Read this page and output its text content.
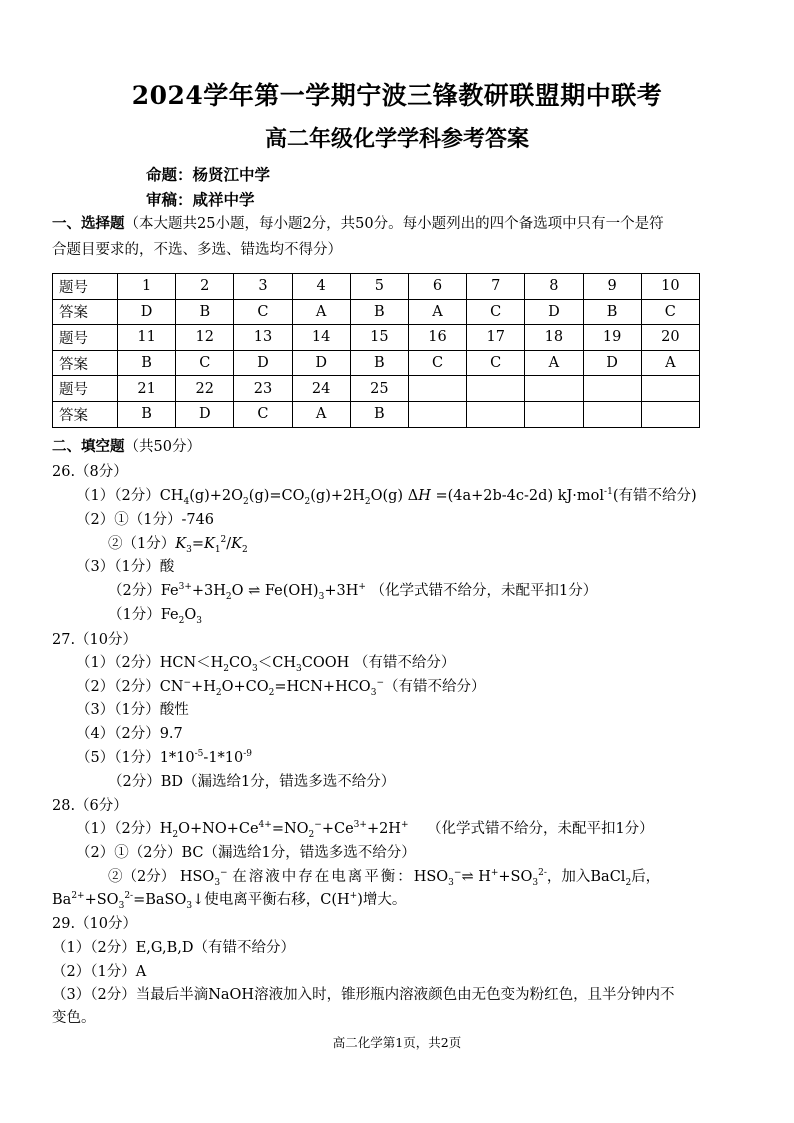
2024学年第一学期宁波三锋教研联盟期中联考
高二年级化学学科参考答案
命题：杨贤江中学
审稿：咸祥中学
一、选择题（本大题共25小题，每小题2分，共50分。每小题列出的四个备选项中只有一个是符
合题目要求的，不选、多选、错选均不得分）
题号	1	2	3	4	5	6	7	8	9	10
答案	D	B	C	A	B	A	C	D	B	C
题号	11	12	13	14	15	16	17	18	19	20
答案	B	C	D	D	B	C	C	A	D	A
题号	21	22	23	24	25					
答案	B	D	C	A	B					
二、填空题（共50分）
26.（8分）
（1）（2分）$CH_4(g)+2O_2(g)=CO_2(g)+2H_2O(g)$ ΔH =(4a+2b-4c-2d) kJ·mol$^{-1}$(有错不给分)
（2）①（1分）-746
②（1分）$K_3=K_1^2/K_2$
（3）（1分）酸
（2分）$Fe^{3+}+3H_2O$ ⇌ $Fe(OH)_3+3H^+$ （化学式错不给分，未配平扣1分）
（1分）$Fe_2O_3$
27.（10分）
（1）（2分）$HCN<H_2CO_3<CH_3COOH$ （有错不给分）
（2）（2分）$CN^-+H_2O+CO_2=HCN+HCO_3^-$（有错不给分）
（3）（1分）酸性
（4）（2分）9.7
（5）（1分）$1*10^{-5}-1*10^{-9}$
（2分）BD（漏选给1分，错选多选不给分）
28.（6分）
（1）（2分）$H_2O+NO+Ce^{4+}=NO_2^-+Ce^{3+}+2H^+$ （化学式错不给分，未配平扣1分）
（2）①（2分）BC（漏选给1分，错选多选不给分）
②（2分） $HSO_3^-$ 在溶液中存在电离平衡：$HSO_3^-\rightleftharpoons$ $H^++SO_3^{2-}$，加入BaCl$_2$后，
$Ba^{2+}+SO_3^{2-}=BaSO_3↓$使电离平衡右移，C(H+)增大。
29.（10分）
（1）（2分）E,G,B,D（有错不给分）
（2）（1分）A
（3）（2分）当最后半滴NaOH溶液加入时，锥形瓶内溶液颜色由无色变为粉红色，且半分钟内不
变色。
高二化学第1页，共2页
